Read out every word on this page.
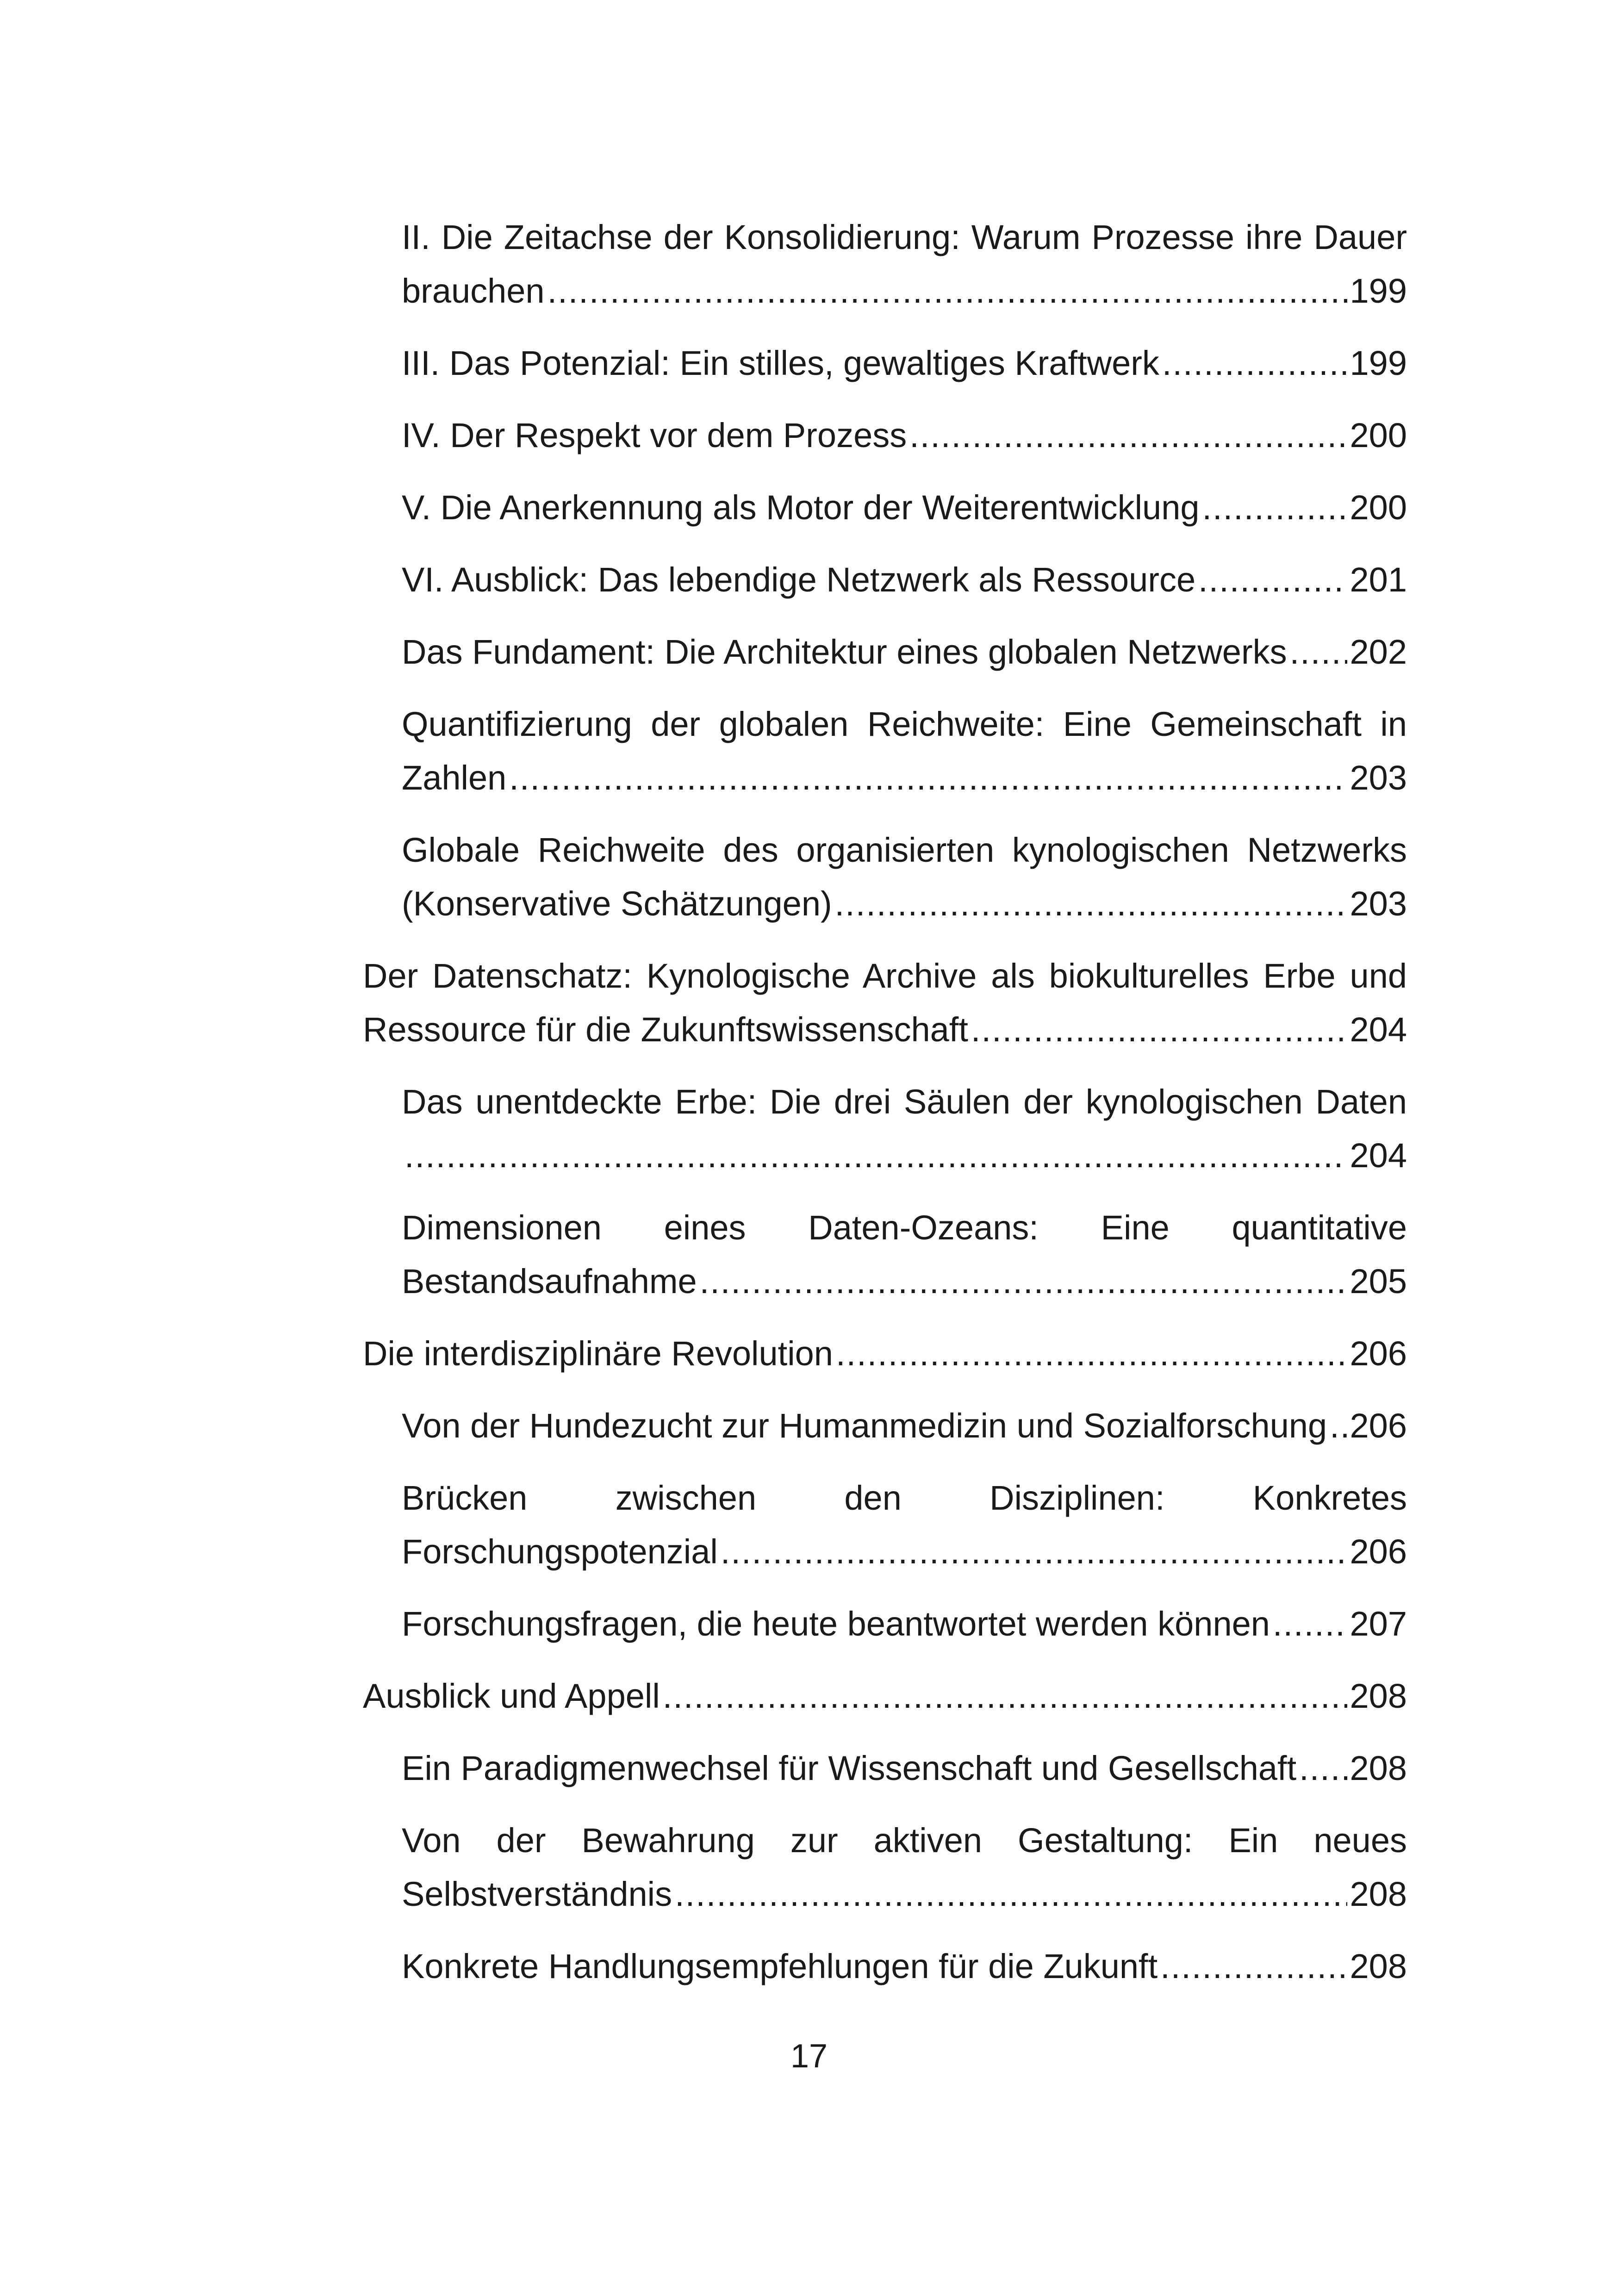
II. Die Zeitachse der Konsolidierung: Warum Prozesse ihre Dauer
brauchen .....	199
III. Das Potenzial: Ein stilles, gewaltiges Kraftwerk .....	199
IV. Der Respekt vor dem Prozess .....	200
V. Die Anerkennung als Motor der Weiterentwicklung .....	200
VI. Ausblick: Das lebendige Netzwerk als Ressource .....	201
Das Fundament: Die Architektur eines globalen Netzwerks ..... 202
Quantifizierung der globalen Reichweite: Eine Gemeinschaft in
Zahlen .....	203
Globale Reichweite des organisierten kynologischen Netzwerks
(Konservative Schätzungen) .....	203
Der Datenschatz: Kynologische Archive als biokulturelles Erbe und
Ressource für die Zukunftswissenschaft .....	204
Das unentdeckte Erbe: Die drei Säulen der kynologischen Daten
.....
204
Dimensionen eines Daten-Ozeans: Eine quantitative
Bestandsaufnahme .....	205
Die interdisziplinäre Revolution .....	206
Von der Hundezucht zur Humanmedizin und Sozialforschung ..... 206
Brücken zwischen den Disziplinen: Konkretes
Forschungspotenzial .....	206
Forschungsfragen, die heute beantwortet werden können ..... 207
Ausblick und Appell .....	208
Ein Paradigmenwechsel für Wissenschaft und Gesellschaft ..... 208
Von der Bewahrung zur aktiven Gestaltung: Ein neues
Selbstverständnis .....	208
Konkrete Handlungsempfehlungen für die Zukunft .....	208
17
